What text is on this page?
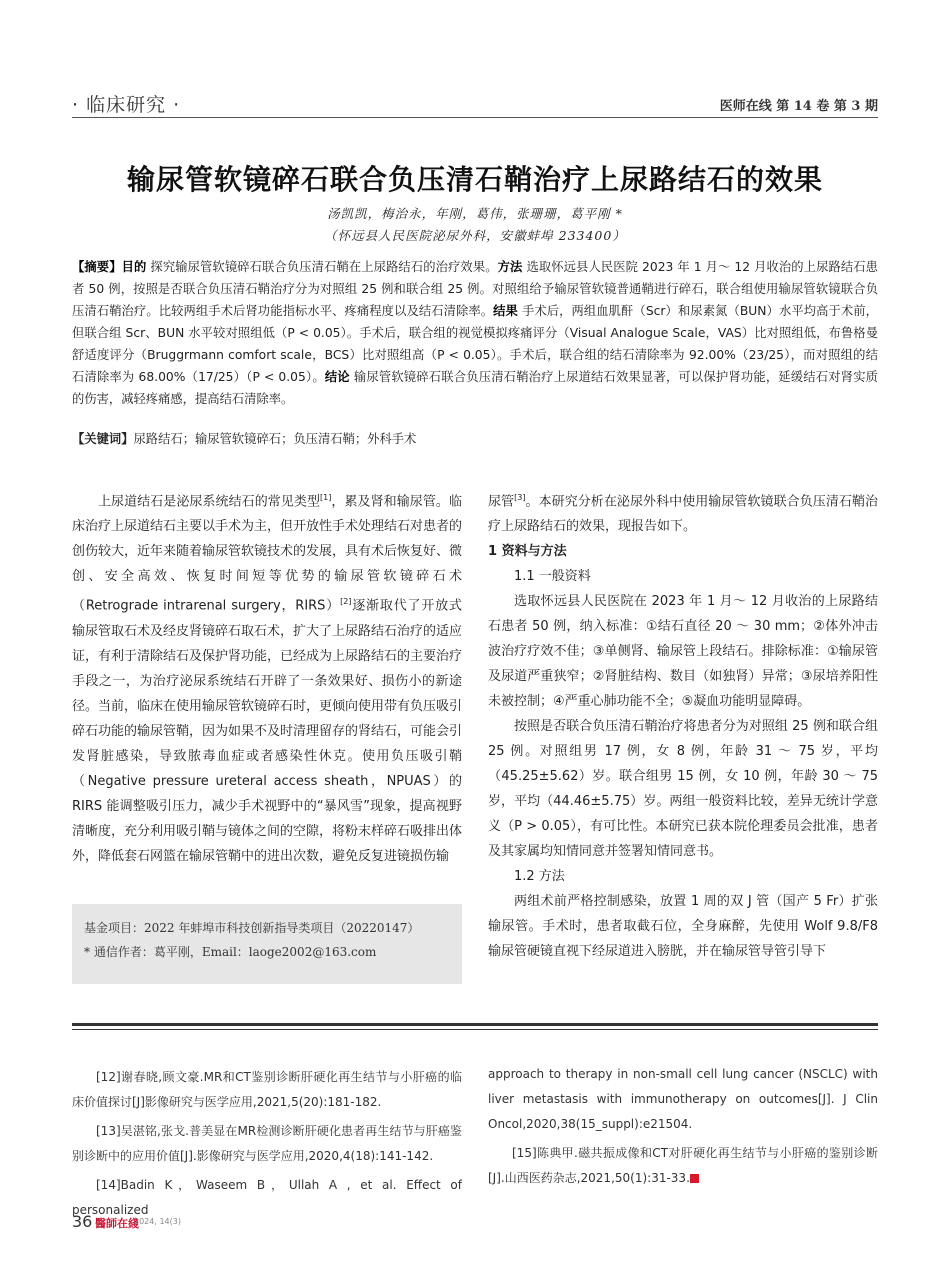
· 临床研究 ·	医师在线 第 14 卷 第 3 期
输尿管软镜碎石联合负压清石鞘治疗上尿路结石的效果
汤凯凯，梅治永，年刚，葛伟，张珊珊，葛平刚 *
（怀远县人民医院泌尿外科，安徽蚌埠 233400）
【摘要】目的 探究输尿管软镜碎石联合负压清石鞘在上尿路结石的治疗效果。方法 选取怀远县人民医院 2023 年 1 月～ 12 月收治的上尿路结石患者 50 例，按照是否联合负压清石鞘治疗分为对照组 25 例和联合组 25 例。对照组给予输尿管软镜普通鞘进行碎石，联合组使用输尿管软镜联合负压清石鞘治疗。比较两组手术后肾功能指标水平、疼痛程度以及结石清除率。结果 手术后，两组血肌酐（Scr）和尿素氮（BUN）水平均高于术前，但联合组 Scr、BUN 水平较对照组低（P < 0.05）。手术后，联合组的视觉模拟疼痛评分（Visual Analogue Scale，VAS）比对照组低，布鲁格曼舒适度评分（Bruggrmann comfort scale，BCS）比对照组高（P < 0.05）。手术后，联合组的结石清除率为 92.00%（23/25），而对照组的结石清除率为 68.00%（17/25）（P < 0.05）。结论 输尿管软镜碎石联合负压清石鞘治疗上尿道结石效果显著，可以保护肾功能，延缓结石对肾实质的伤害，减轻疼痛感，提高结石清除率。
【关键词】尿路结石；输尿管软镜碎石；负压清石鞘；外科手术

上尿道结石是泌尿系统结石的常见类型[1]，累及肾和输尿管。临床治疗上尿道结石主要以手术为主，但开放性手术处理结石对患者的创伤较大，近年来随着输尿管软镜技术的发展，具有术后恢复好、微创、安全高效、恢复时间短等优势的输尿管软镜碎石术（Retrograde intrarenal surgery，RIRS）[2]逐渐取代了开放式输尿管取石术及经皮肾镜碎石取石术，扩大了上尿路结石治疗的适应证，有利于清除结石及保护肾功能，已经成为上尿路结石的主要治疗手段之一，为治疗泌尿系统结石开辟了一条效果好、损伤小的新途径。当前，临床在使用输尿管软镜碎石时，更倾向使用带有负压吸引碎石功能的输尿管鞘，因为如果不及时清理留存的肾结石，可能会引发肾脏感染，导致脓毒血症或者感染性休克。使用负压吸引鞘（Negative pressure ureteral access sheath，NPUAS）的 RIRS 能调整吸引压力，减少手术视野中的“暴风雪”现象，提高视野清晰度，充分利用吸引鞘与镜体之间的空隙，将粉末样碎石吸排出体外，降低套石网篮在输尿管鞘中的进出次数，避免反复进镜损伤输

基金项目：2022 年蚌埠市科技创新指导类项目（20220147）
* 通信作者：葛平刚，Email：laoge2002@163.com

尿管[3]。本研究分析在泌尿外科中使用输尿管软镜联合负压清石鞘治疗上尿路结石的效果，现报告如下。

1 资料与方法
1.1 一般资料

选取怀远县人民医院在 2023 年 1 月～ 12 月收治的上尿路结石患者 50 例，纳入标准：①结石直径 20 ～ 30 mm；②体外冲击波治疗疗效不佳；③单侧肾、输尿管上段结石。排除标准：①输尿管及尿道严重狭窄；②肾脏结构、数目（如独肾）异常；③尿培养阳性未被控制；④严重心肺功能不全；⑤凝血功能明显障碍。

按照是否联合负压清石鞘治疗将患者分为对照组 25 例和联合组 25 例。对照组男 17 例，女 8 例，年龄 31 ～ 75 岁，平均（45.25±5.62）岁。联合组男 15 例，女 10 例，年龄 30 ～ 75 岁，平均（44.46±5.75）岁。两组一般资料比较，差异无统计学意义（P > 0.05），有可比性。本研究已获本院伦理委员会批准，患者及其家属均知情同意并签署知情同意书。

1.2 方法

两组术前严格控制感染，放置 1 周的双 J 管（国产 5 Fr）扩张输尿管。手术时，患者取截石位，全身麻醉，先使用 Wolf 9.8/F8 输尿管硬镜直视下经尿道进入膀胱，并在输尿管导管引导下

[12]谢春晓,顾文豪.MR和CT鉴别诊断肝硬化再生结节与小肝癌的临床价值探讨[J]影像研究与医学应用,2021,5(20):181-182.

[13]吴湛铭,张戈.普美显在MR检测诊断肝硬化患者再生结节与肝癌鉴别诊断中的应用价值[J].影像研究与医学应用,2020,4(18):141-142.

[14]Badin K，Waseem B，Ullah A , et al. Effect of personalized

approach to therapy in non-small cell lung cancer (NSCLC) with liver metastasis with immunotherapy on outcomes[J]. J Clin Oncol,2020,38(15_suppl):e21504.

[15]陈典甲.磁共振成像和CT对肝硬化再生结节与小肝癌的鉴别诊断[J].山西医药杂志,2021,50(1):31-33.

36 醫師在綫
2024, 14(3)
